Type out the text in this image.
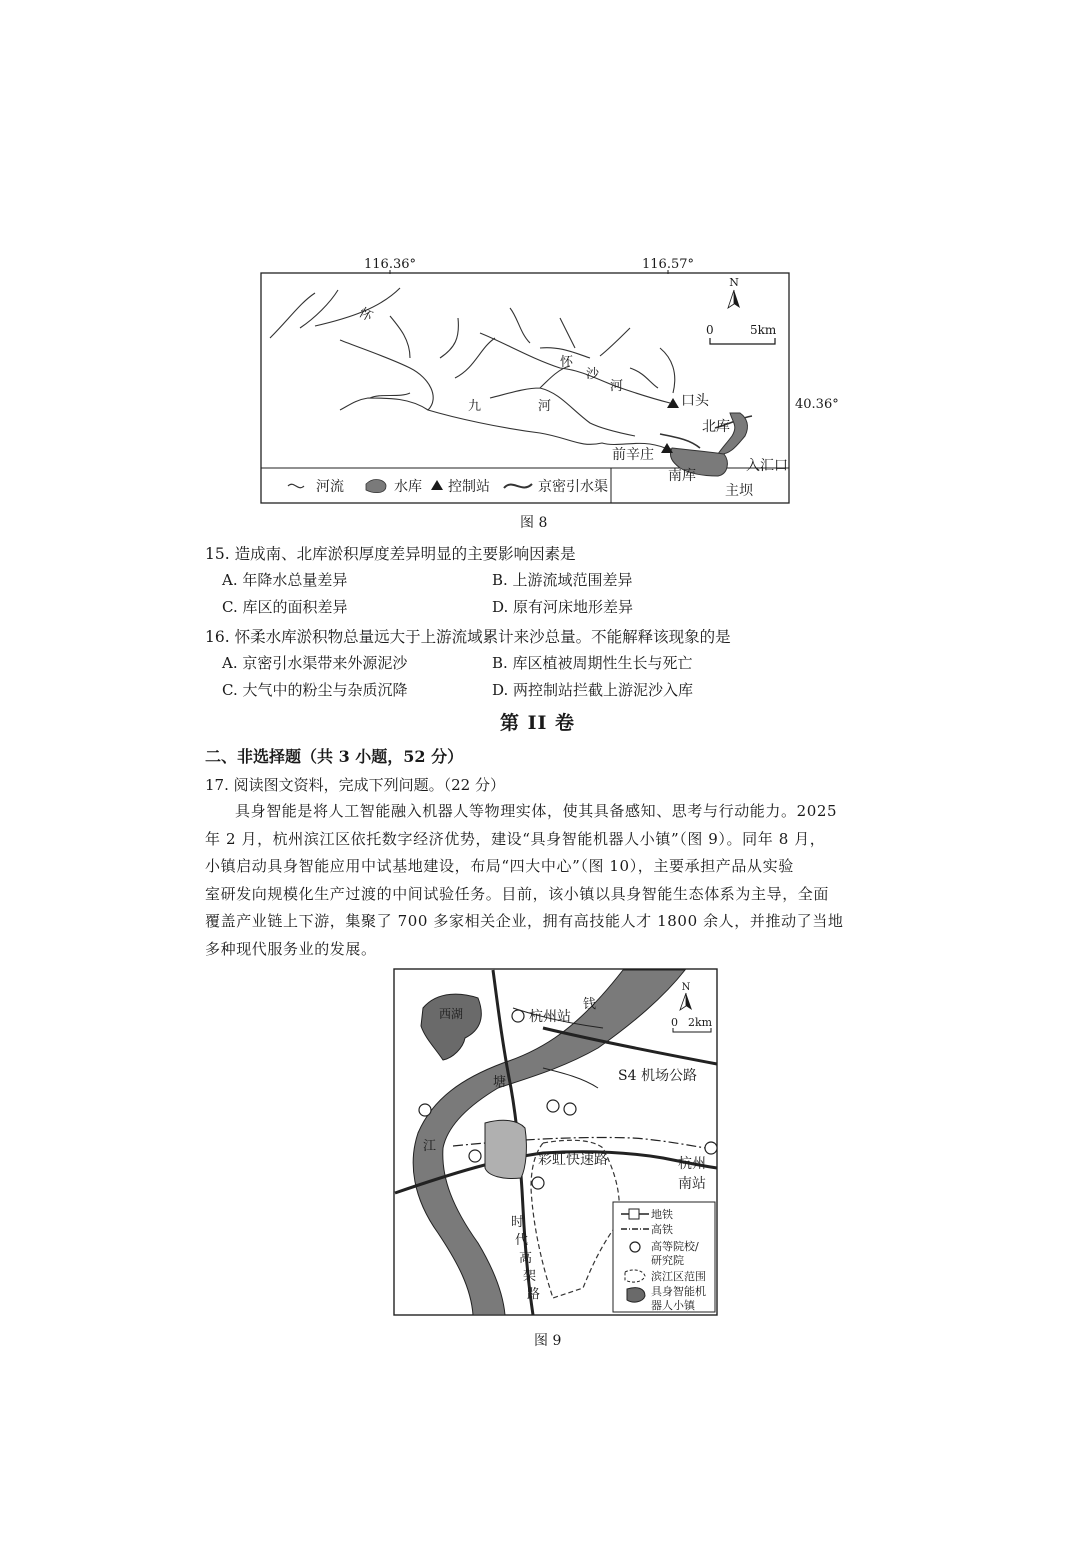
116.36°	116.57°
40.36°
怀
九	河
怀
沙
河
口头
前辛庄
北库
南库
入汇口
主坝
N
0	5km
河流	水库 控制站	京密引水渠
图 8
15. 造成南、北库淤积厚度差异明显的主要影响因素是
A. 年降水总量差异	B. 上游流域范围差异
C. 库区的面积差异	D. 原有河床地形差异
16. 怀柔水库淤积物总量远大于上游流域累计来沙总量。不能解释该现象的是
A. 京密引水渠带来外源泥沙	B. 库区植被周期性生长与死亡
C. 大气中的粉尘与杂质沉降	D. 两控制站拦截上游泥沙入库
第 II 卷
二、非选择题（共 3 小题，52 分）
17. 阅读图文资料，完成下列问题。（22 分）
具身智能是将人工智能融入机器人等物理实体，使其具备感知、思考与行动能力。2025
年 2 月，杭州滨江区依托数字经济优势，建设“具身智能机器人小镇”（图 9）。同年 8 月，
小镇启动具身智能应用中试基地建设，布局“四大中心”（图 10），主要承担产品从实验
室研发向规模化生产过渡的中间试验任务。目前，该小镇以具身智能生态体系为主导，全面
覆盖产业链上下游，集聚了 700 多家相关企业，拥有高技能人才 1800 余人，并推动了当地
多种现代服务业的发展。
西湖	杭州站
钱
塘
江
S4 机场公路
彩虹快速路	杭州
南站
时
代
高
架
路
N
0 2km
地铁
高铁
高等院校/
研究院
滨江区范围
具身智能机
器人小镇
图 9
